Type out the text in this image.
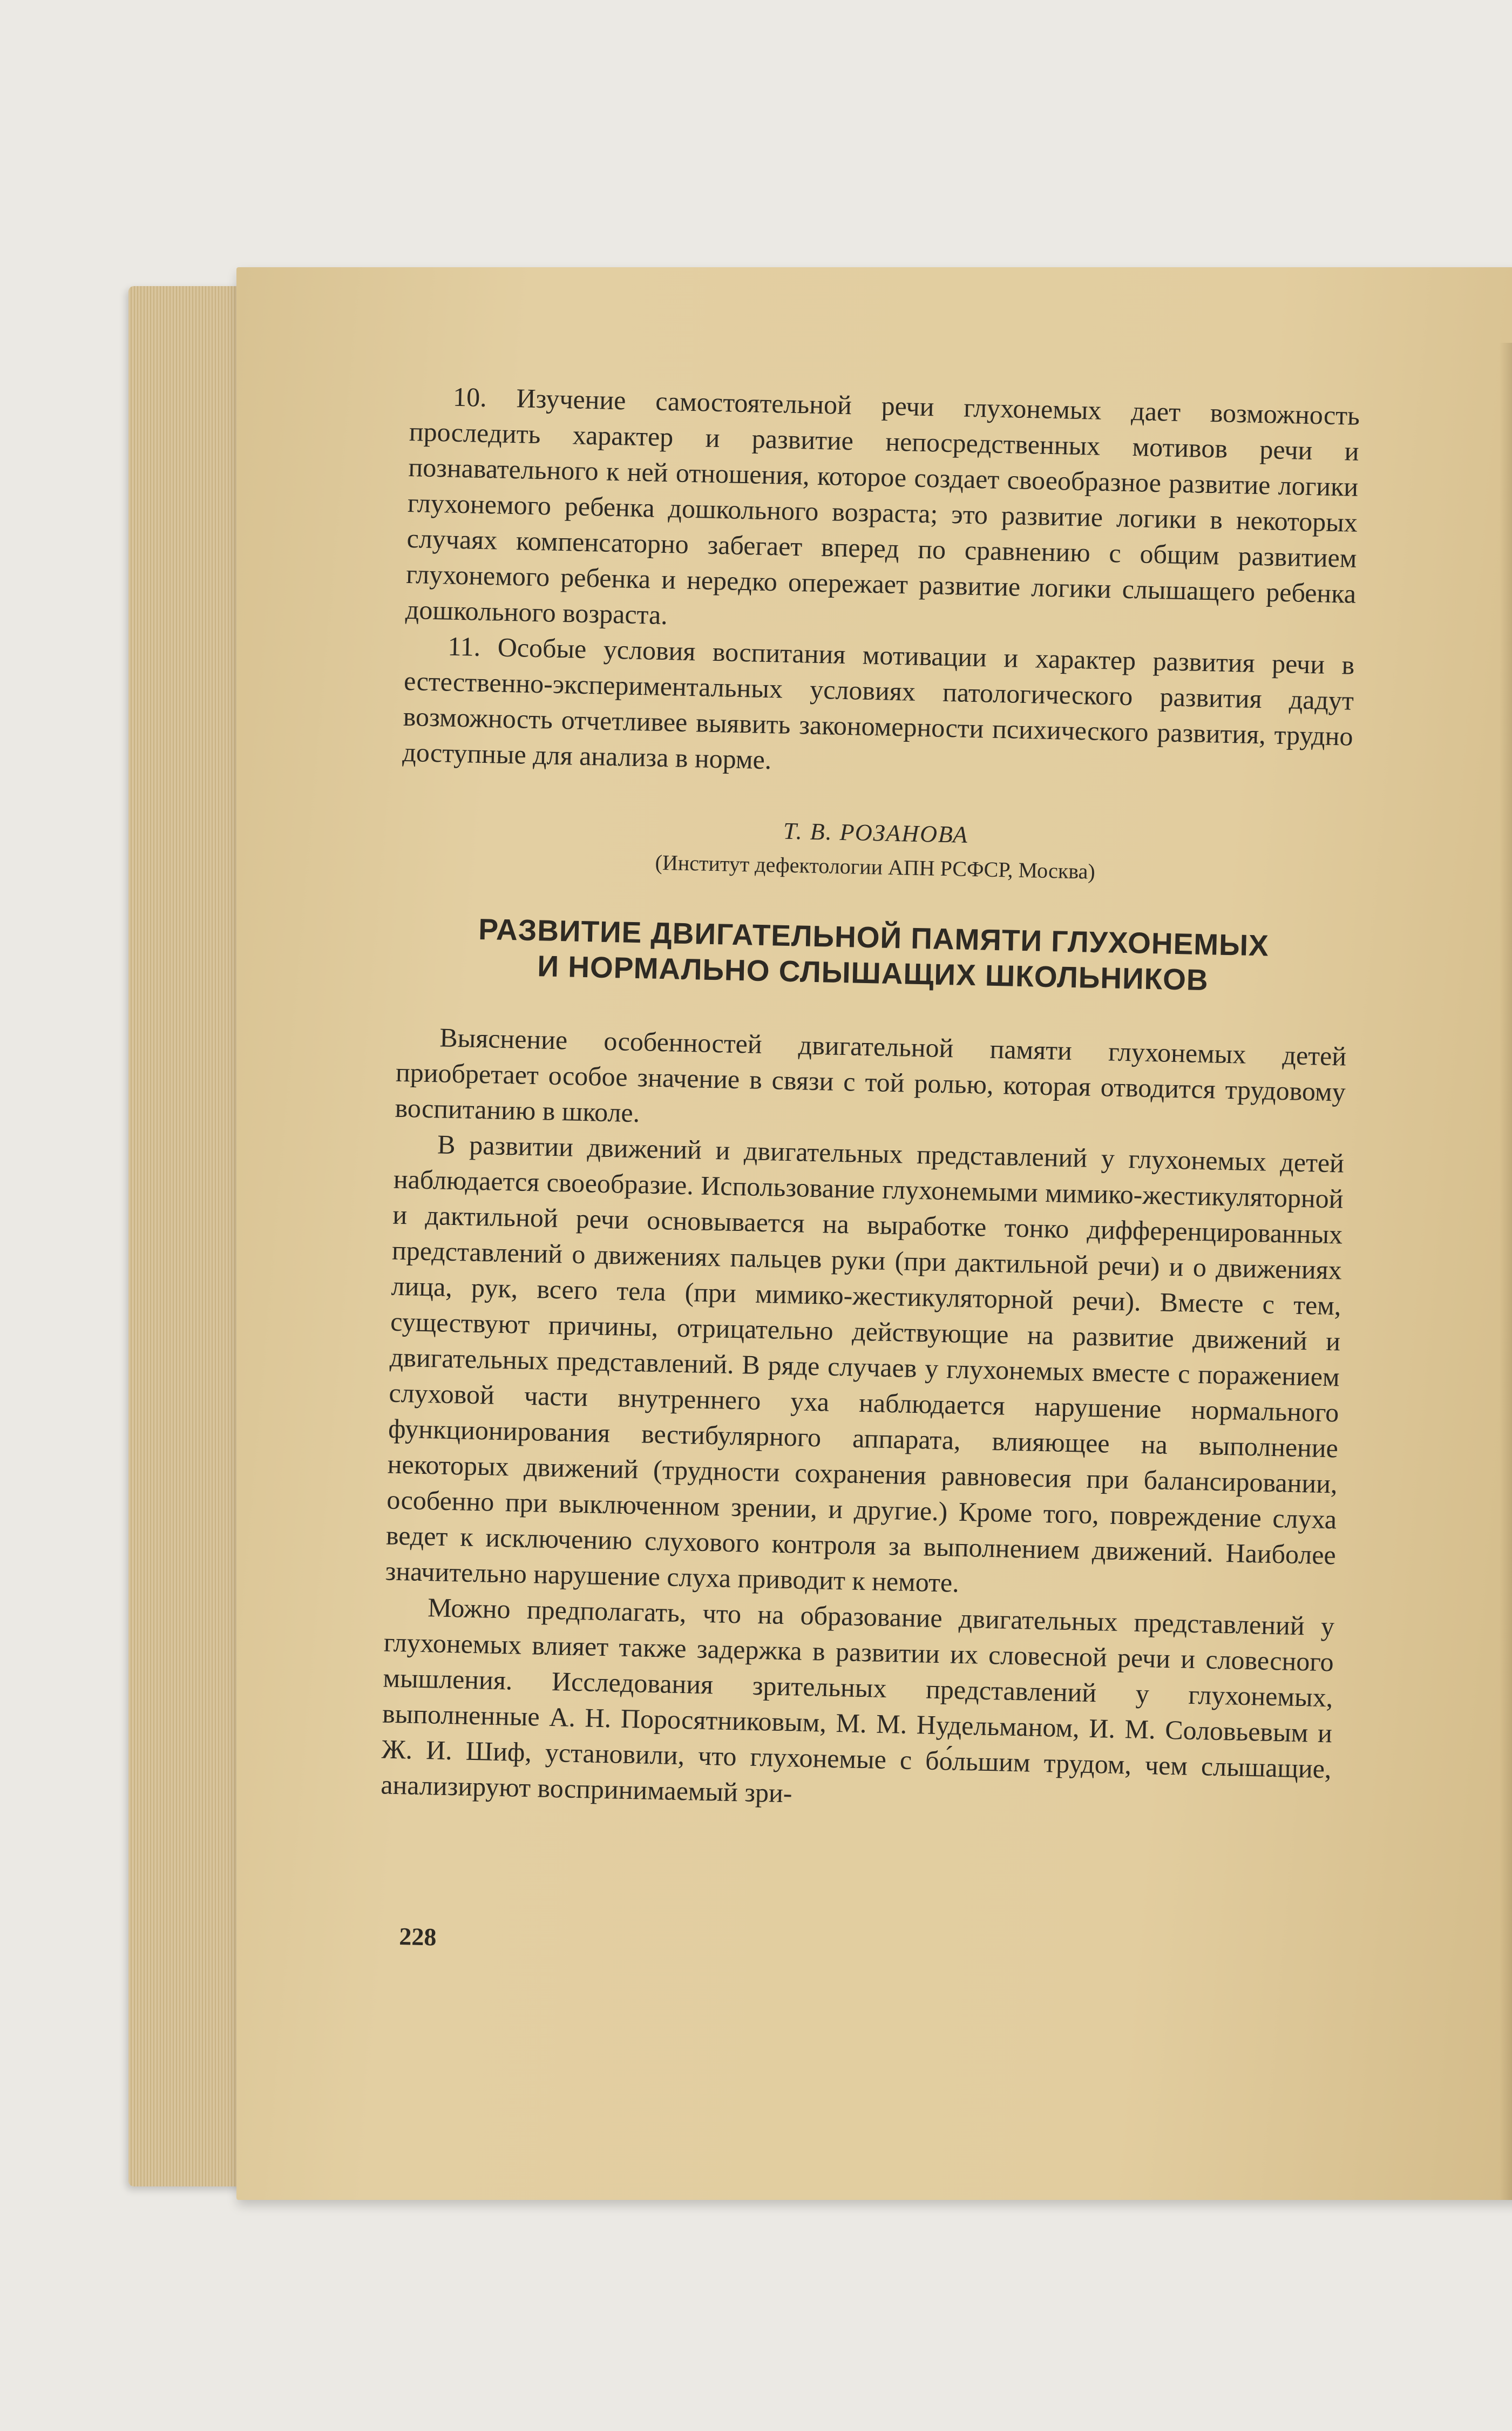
10. Изучение самостоятельной речи глухонемых дает возможность проследить характер и развитие непосредственных мотивов речи и познавательного к ней отношения, которое создает своеобразное развитие логики глухонемого ребенка дошкольного возраста; это развитие логики в некоторых случаях компенсаторно забегает вперед по сравнению с общим развитием глухонемого ребенка и нередко опережает развитие логики слышащего ребенка дошкольного возраста.

11. Особые условия воспитания мотивации и характер развития речи в естественно-экспериментальных условиях патологического развития дадут возможность отчетливее выявить закономерности психического развития, трудно доступные для анализа в норме.

Т. В. РОЗАНОВА
(Институт дефектологии АПН РСФСР, Москва)
РАЗВИТИЕ ДВИГАТЕЛЬНОЙ ПАМЯТИ ГЛУХОНЕМЫХ
И НОРМАЛЬНО СЛЫШАЩИХ ШКОЛЬНИКОВ

Выяснение особенностей двигательной памяти глухонемых детей приобретает особое значение в связи с той ролью, которая отводится трудовому воспитанию в школе.

В развитии движений и двигательных представлений у глухонемых детей наблюдается своеобразие. Использование глухонемыми мимико-жестикуляторной и дактильной речи основывается на выработке тонко дифференцированных представлений о движениях пальцев руки (при дактильной речи) и о движениях лица, рук, всего тела (при мимико-жестикуляторной речи). Вместе с тем, существуют причины, отрицательно действующие на развитие движений и двигательных представлений. В ряде случаев у глухонемых вместе с поражением слуховой части внутреннего уха наблюдается нарушение нормального функционирования вестибулярного аппарата, влияющее на выполнение некоторых движений (трудности сохранения равновесия при балансировании, особенно при выключенном зрении, и другие.) Кроме того, повреждение слуха ведет к исключению слухового контроля за выполнением движений. Наиболее значительно нарушение слуха приводит к немоте.

Можно предполагать, что на образование двигательных представлений у глухонемых влияет также задержка в развитии их словесной речи и словесного мышления. Исследования зрительных представлений у глухонемых, выполненные А. Н. Поросятниковым, М. М. Нудельманом, И. М. Соловьевым и Ж. И. Шиф, установили, что глухонемые с бо́льшим трудом, чем слышащие, анализируют воспринимаемый зри-

228
